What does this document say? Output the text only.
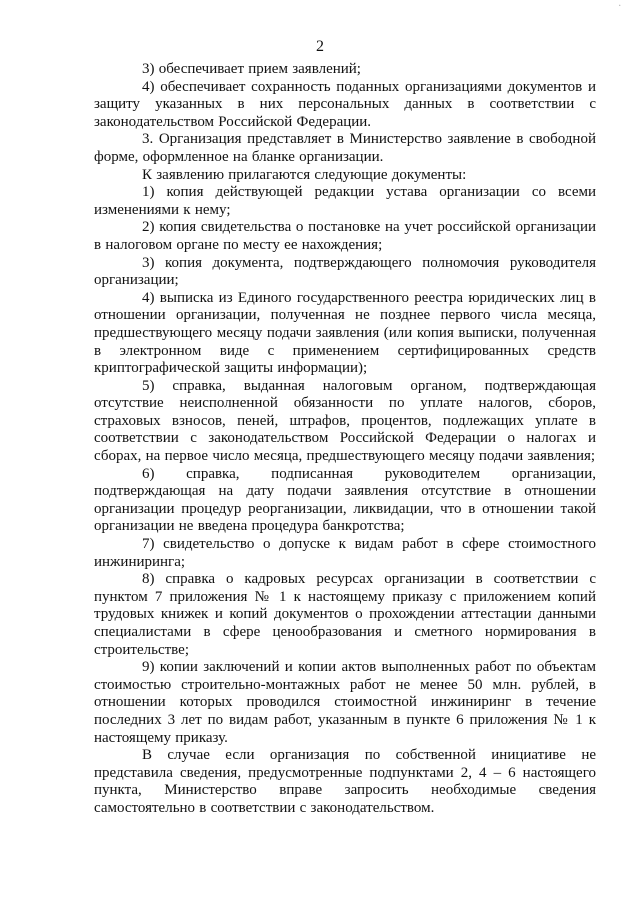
ॱ
2

3) обеспечивает прием заявлений;

4) обеспечивает сохранность поданных организациями документов и защиту указанных в них персональных данных в соответствии с законодательством Российской Федерации.

3. Организация представляет в Министерство заявление в свободной форме, оформленное на бланке организации.

К заявлению прилагаются следующие документы:

1) копия действующей редакции устава организации со всеми изменениями к нему;

2) копия свидетельства о постановке на учет российской организации в налоговом органе по месту ее нахождения;

3) копия документа, подтверждающего полномочия руководителя организации;

4) выписка из Единого государственного реестра юридических лиц в отношении организации, полученная не позднее первого числа месяца, предшествующего месяцу подачи заявления (или копия выписки, полученная в электронном виде с применением сертифицированных средств криптографической защиты информации);

5) справка, выданная налоговым органом, подтверждающая отсутствие неисполненной обязанности по уплате налогов, сборов, страховых взносов, пеней, штрафов, процентов, подлежащих уплате в соответствии с законодательством Российской Федерации о налогах и сборах, на первое число месяца, предшествующего месяцу подачи заявления;

6) справка, подписанная руководителем организации, подтверждающая на дату подачи заявления отсутствие в отношении организации процедур реорганизации, ликвидации, что в отношении такой организации не введена процедура банкротства;

7) свидетельство о допуске к видам работ в сфере стоимостного инжиниринга;

8) справка о кадровых ресурсах организации в соответствии с пунктом 7 приложения № 1 к настоящему приказу с приложением копий трудовых книжек и копий документов о прохождении аттестации данными специалистами в сфере ценообразования и сметного нормирования в строительстве;

9) копии заключений и копии актов выполненных работ по объектам стоимостью строительно-монтажных работ не менее 50 млн. рублей, в отношении которых проводился стоимостной инжиниринг в течение последних 3 лет по видам работ, указанным в пункте 6 приложения № 1 к настоящему приказу.

В случае если организация по собственной инициативе не представила сведения, предусмотренные подпунктами 2, 4 – 6 настоящего пункта, Министерство вправе запросить необходимые сведения самостоятельно в соответствии с законодательством.
